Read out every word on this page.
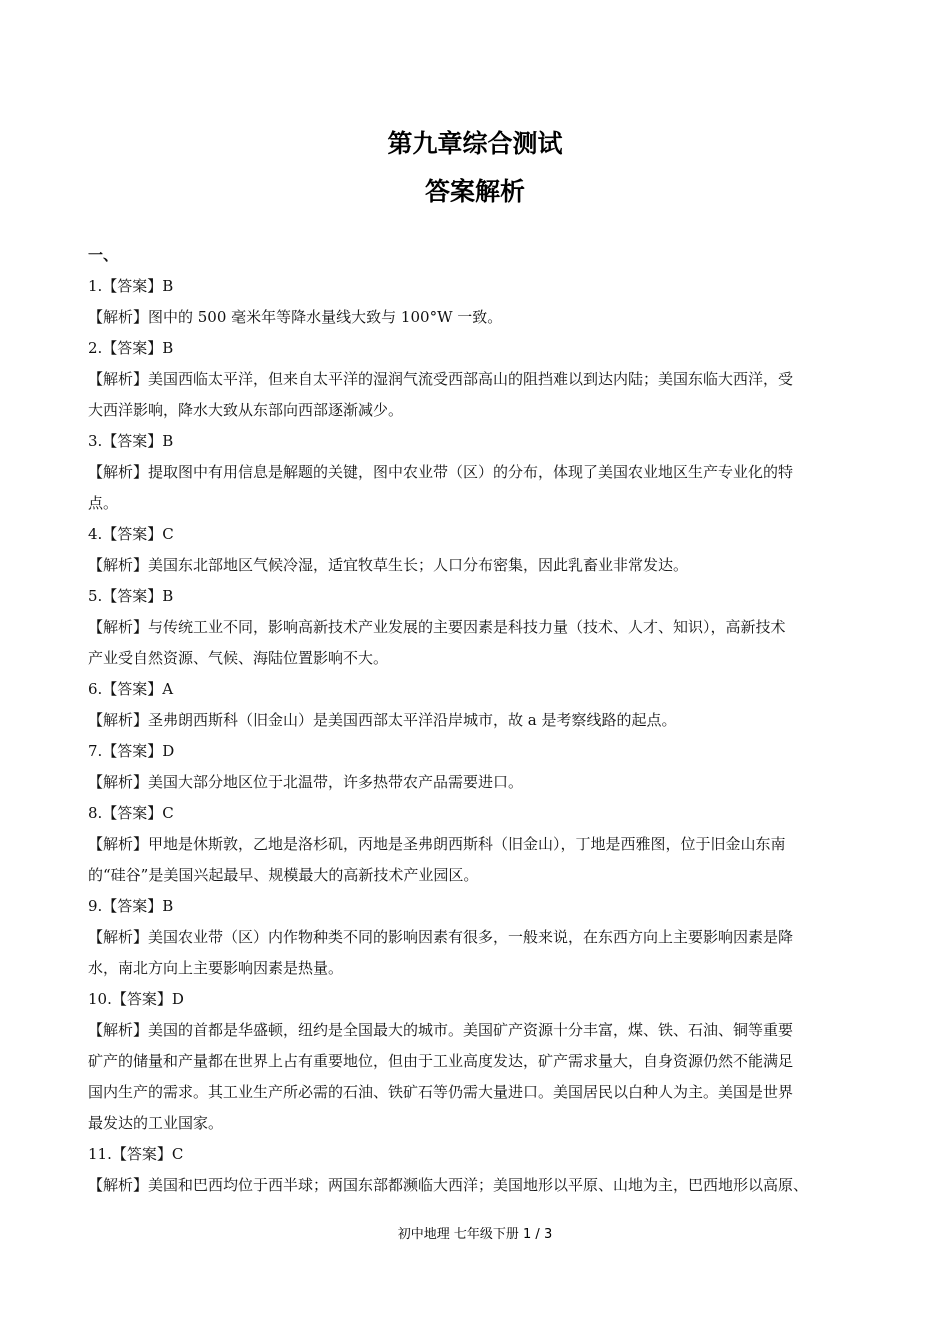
第九章综合测试
答案解析
一、
1.【答案】B
【解析】图中的 500 毫米年等降水量线大致与 100°W 一致。
2.【答案】B
【解析】美国西临太平洋，但来自太平洋的湿润气流受西部高山的阻挡难以到达内陆；美国东临大西洋，受
大西洋影响，降水大致从东部向西部逐渐减少。
3.【答案】B
【解析】提取图中有用信息是解题的关键，图中农业带（区）的分布，体现了美国农业地区生产专业化的特
点。
4.【答案】C
【解析】美国东北部地区气候冷湿，适宜牧草生长；人口分布密集，因此乳畜业非常发达。
5.【答案】B
【解析】与传统工业不同，影响高新技术产业发展的主要因素是科技力量（技术、人才、知识），高新技术
产业受自然资源、气候、海陆位置影响不大。
6.【答案】A
【解析】圣弗朗西斯科（旧金山）是美国西部太平洋沿岸城市，故 a 是考察线路的起点。
7.【答案】D
【解析】美国大部分地区位于北温带，许多热带农产品需要进口。
8.【答案】C
【解析】甲地是休斯敦，乙地是洛杉矶，丙地是圣弗朗西斯科（旧金山），丁地是西雅图，位于旧金山东南
的“硅谷”是美国兴起最早、规模最大的高新技术产业园区。
9.【答案】B
【解析】美国农业带（区）内作物种类不同的影响因素有很多，一般来说，在东西方向上主要影响因素是降
水，南北方向上主要影响因素是热量。
10.【答案】D
【解析】美国的首都是华盛顿，纽约是全国最大的城市。美国矿产资源十分丰富，煤、铁、石油、铜等重要
矿产的储量和产量都在世界上占有重要地位，但由于工业高度发达，矿产需求量大，自身资源仍然不能满足
国内生产的需求。其工业生产所必需的石油、铁矿石等仍需大量进口。美国居民以白种人为主。美国是世界
最发达的工业国家。
11.【答案】C
【解析】美国和巴西均位于西半球；两国东部都濒临大西洋；美国地形以平原、山地为主，巴西地形以高原、
初中地理 七年级下册 1 / 3
